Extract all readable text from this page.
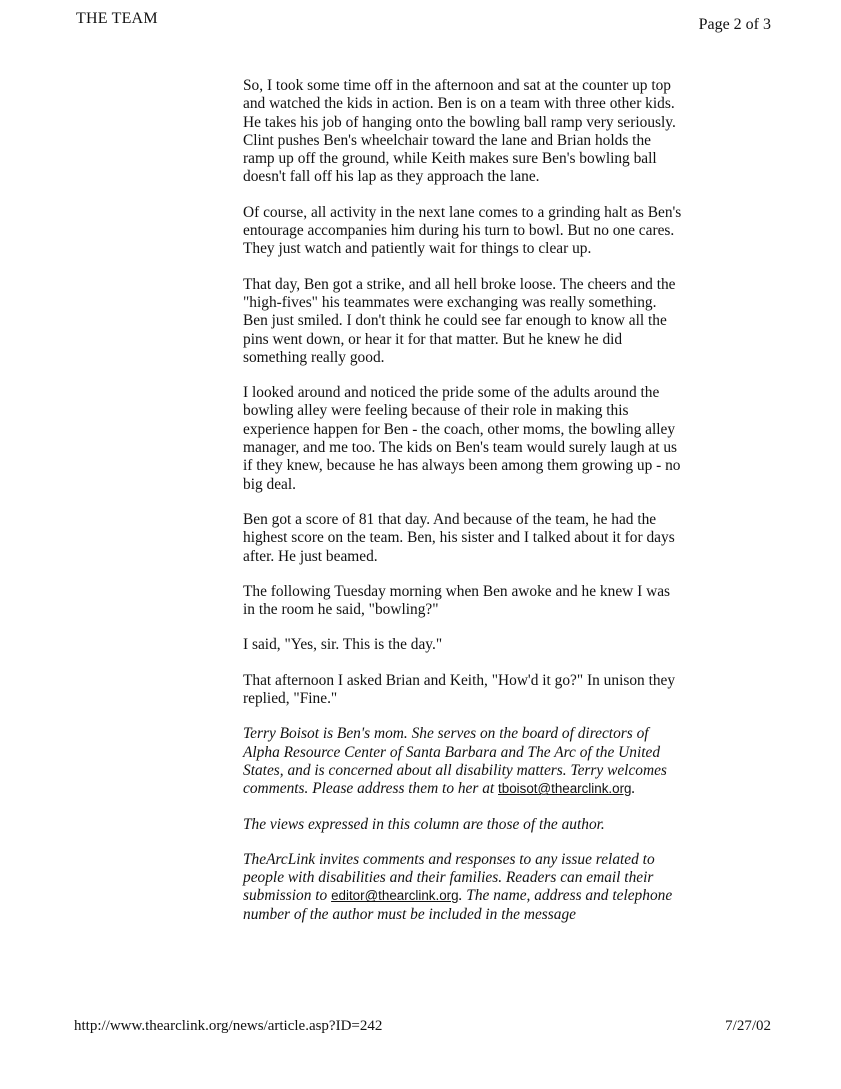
THE TEAM	Page 2 of 3

So, I took some time off in the afternoon and sat at the counter up top and watched the kids in action. Ben is on a team with three other kids. He takes his job of hanging onto the bowling ball ramp very seriously. Clint pushes Ben's wheelchair toward the lane and Brian holds the ramp up off the ground, while Keith makes sure Ben's bowling ball doesn't fall off his lap as they approach the lane.

Of course, all activity in the next lane comes to a grinding halt as Ben's entourage accompanies him during his turn to bowl. But no one cares. They just watch and patiently wait for things to clear up.

That day, Ben got a strike, and all hell broke loose. The cheers and the "high-fives" his teammates were exchanging was really something. Ben just smiled. I don't think he could see far enough to know all the pins went down, or hear it for that matter. But he knew he did something really good.

I looked around and noticed the pride some of the adults around the bowling alley were feeling because of their role in making this experience happen for Ben - the coach, other moms, the bowling alley manager, and me too. The kids on Ben's team would surely laugh at us if they knew, because he has always been among them growing up - no big deal.

Ben got a score of 81 that day. And because of the team, he had the highest score on the team. Ben, his sister and I talked about it for days after. He just beamed.

The following Tuesday morning when Ben awoke and he knew I was in the room he said, "bowling?"

I said, "Yes, sir. This is the day."

That afternoon I asked Brian and Keith, "How'd it go?" In unison they replied, "Fine."

Terry Boisot is Ben's mom. She serves on the board of directors of Alpha Resource Center of Santa Barbara and The Arc of the United States, and is concerned about all disability matters. Terry welcomes comments. Please address them to her at tboisot@thearclink.org.

The views expressed in this column are those of the author.

TheArcLink invites comments and responses to any issue related to people with disabilities and their families. Readers can email their submission to editor@thearclink.org. The name, address and telephone number of the author must be included in the message

http://www.thearclink.org/news/article.asp?ID=242	7/27/02
